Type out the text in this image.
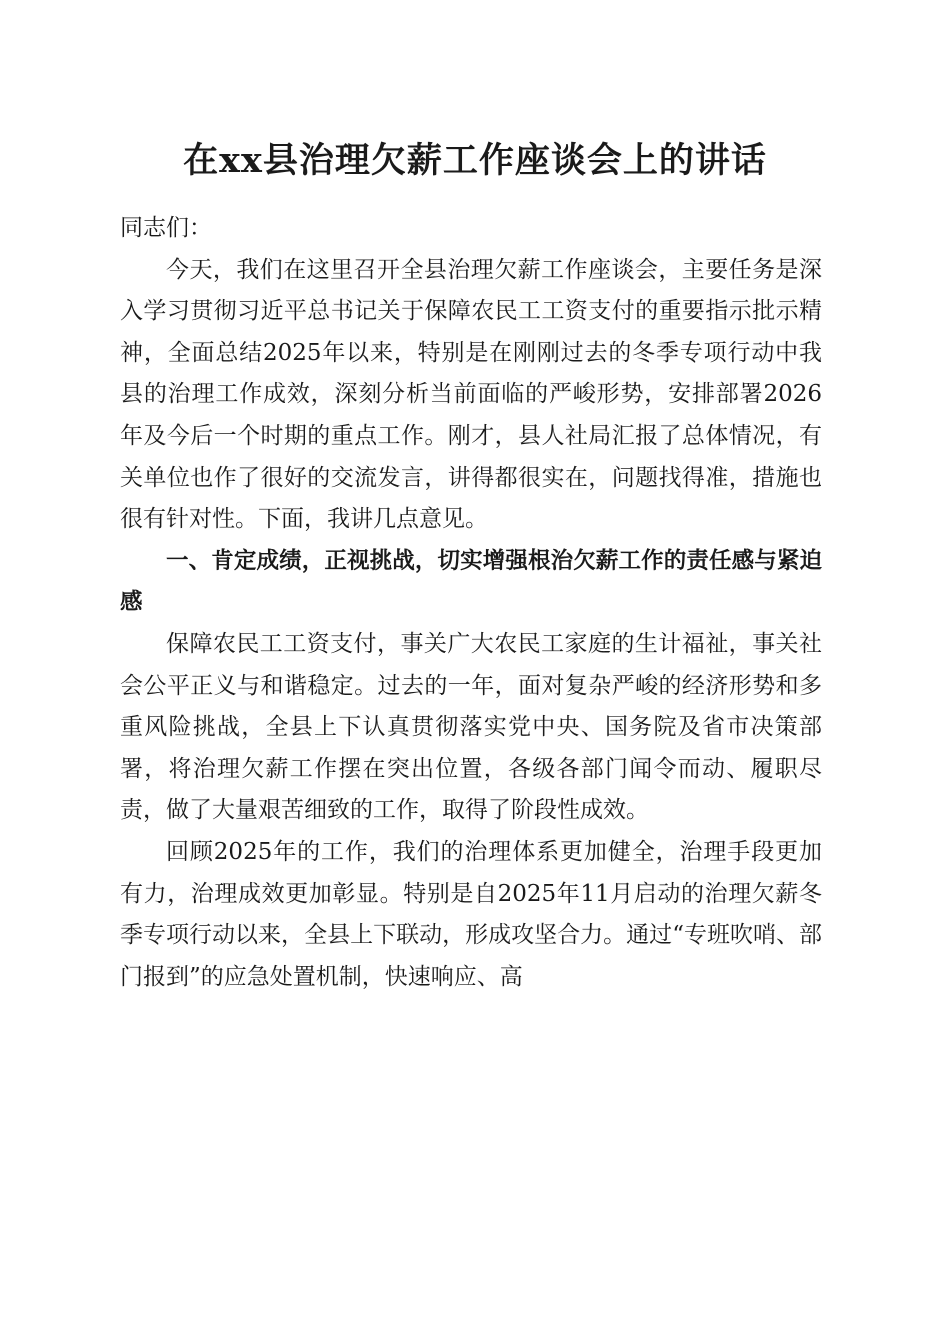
在xx县治理欠薪工作座谈会上的讲话

同志们：

今天，我们在这里召开全县治理欠薪工作座谈会，主要任务是深入学习贯彻习近平总书记关于保障农民工工资支付的重要指示批示精神，全面总结2025年以来，特别是在刚刚过去的冬季专项行动中我县的治理工作成效，深刻分析当前面临的严峻形势，安排部署2026年及今后一个时期的重点工作。刚才，县人社局汇报了总体情况，有关单位也作了很好的交流发言，讲得都很实在，问题找得准，措施也很有针对性。下面，我讲几点意见。

一、肯定成绩，正视挑战，切实增强根治欠薪工作的责任感与紧迫感

保障农民工工资支付，事关广大农民工家庭的生计福祉，事关社会公平正义与和谐稳定。过去的一年，面对复杂严峻的经济形势和多重风险挑战，全县上下认真贯彻落实党中央、国务院及省市决策部署，将治理欠薪工作摆在突出位置，各级各部门闻令而动、履职尽责，做了大量艰苦细致的工作，取得了阶段性成效。

回顾2025年的工作，我们的治理体系更加健全，治理手段更加有力，治理成效更加彰显。特别是自2025年11月启动的治理欠薪冬季专项行动以来，全县上下联动，形成攻坚合力。通过“专班吹哨、部门报到”的应急处置机制，快速响应、高
